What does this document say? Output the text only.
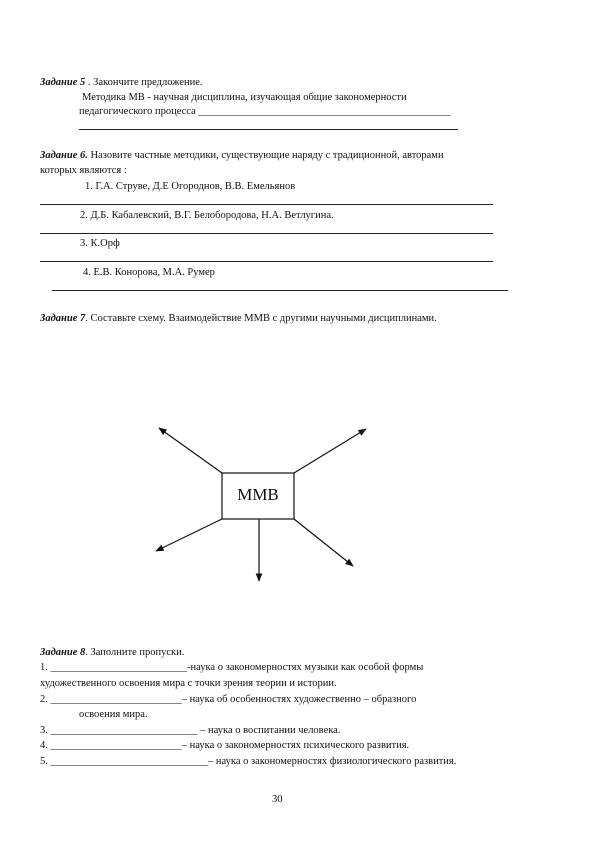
Задание 5 . Закончите предложение.
Методика МВ - научная дисциплина, изучающая общие закономерности
педагогического процесса ________________________________________________
Задание 6. Назовите частные методики, существующие наряду с традиционной, авторами
которых являются :
1. Г.А. Струве, Д.Е Огороднов, В.В. Емельянов
2. Д.Б. Кабалевский, В.Г. Белобородова, Н.А. Ветлугина.
3. К.Орф
4. Е.В. Конорова, М.А. Румер
Задание 7. Составьте схему. Взаимодействие ММВ с другими научными дисциплинами.
ММВ
Задание 8. Заполните пропуски.
1. __________________________-наука о закономерностях музыки как особой формы
художественного освоения мира с точки зрения теории и истории.
2. _________________________– наука об особенностях художественно – образного
освоения мира.
3. ____________________________ – наука о воспитании человека.
4. _________________________– наука о закономерностях психического развития.
5. ______________________________– наука о закономерностях физиологического развития.
30
